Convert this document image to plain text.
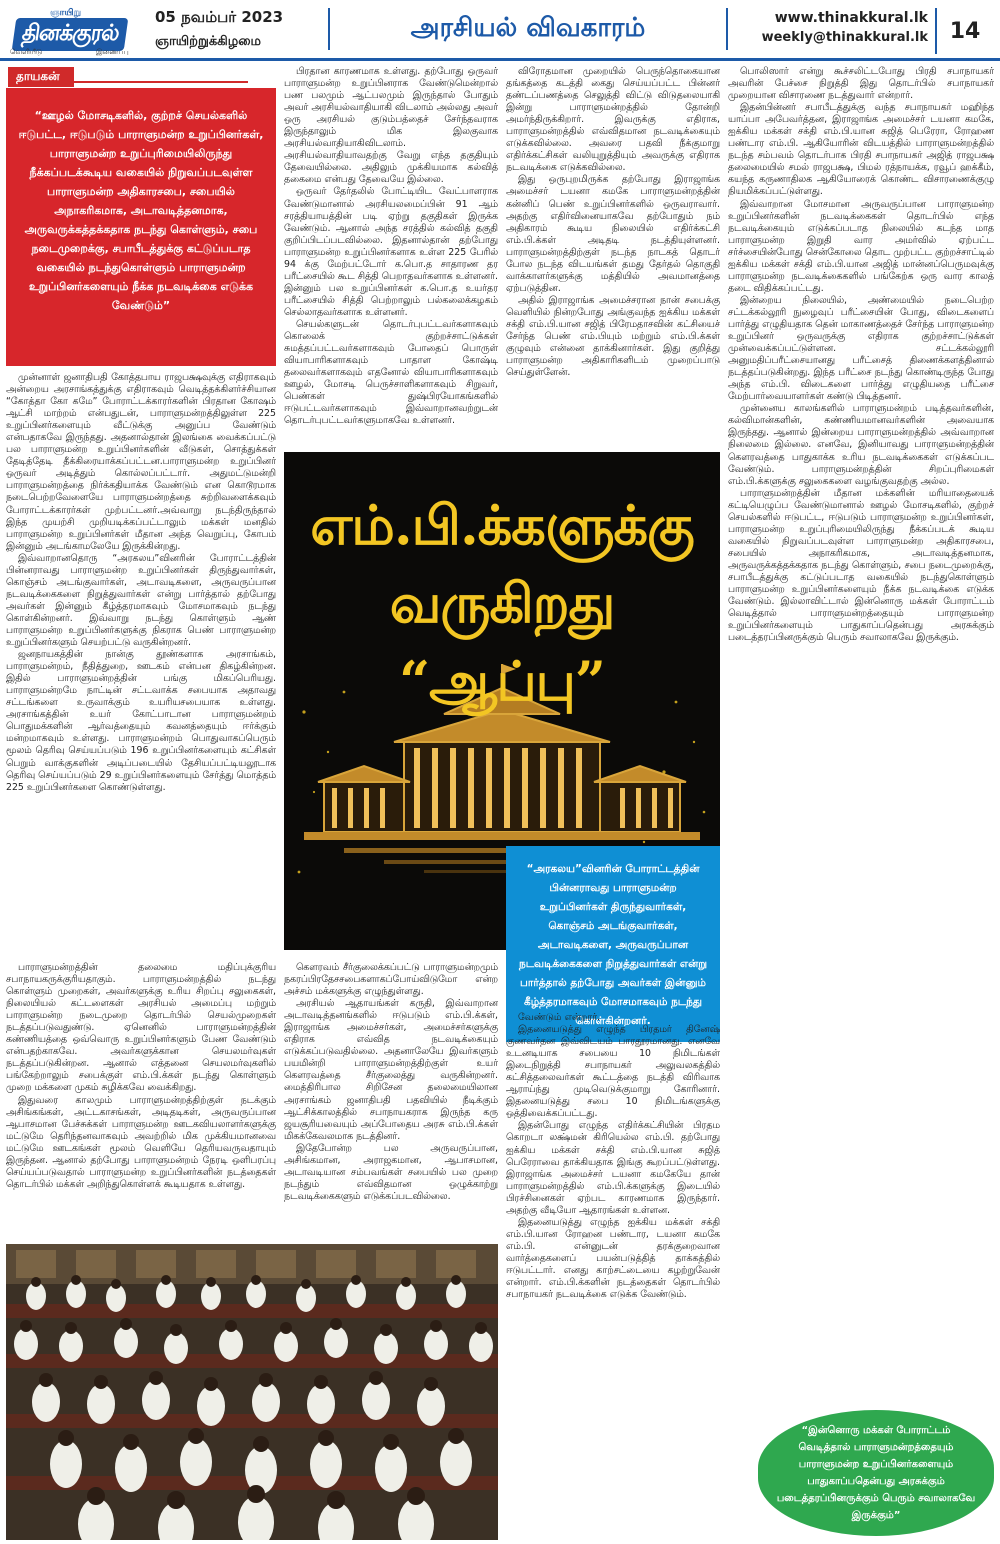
ஞாயிறு
தினக்குரல்
வெளியீடு	இணைப்பு
05 நவம்பர் 2023
ஞாயிற்றுக்கிழமை	அரசியல் விவகாரம்	www.thinakkural.lk
weekly@thinakkural.lk 14
தாயகன்
“ஊழல் மோசடிகளில், குற்றச் செயல்களில் ஈடுபட்ட, ஈடுபடும் பாராளுமன்ற உறுப்பினர்கள், பாராளுமன்ற உறுப்புரிமையிலிருந்து நீக்கப்படக்கூடிய வகையில் நிறுவப்படவுள்ள பாராளுமன்ற அதிகாரசபை, சபையில் அநாகரிகமாக, அடாவடித்தனமாக, அருவருக்கத்தக்கதாக நடந்து கொள்ளும், சபை நடைமுறைக்கு, சபாபீடத்துக்கு கட்டுப்படாத வகையில் நடந்துகொள்ளும் பாராளுமன்ற உறுப்பினர்களையும் நீக்க நடவடிக்கை எடுக்க வேண்டும்”

முன்னாள் ஜனாதிபதி கோத்தபாய ராஜபக்ஷவுக்கு எதிராகவும் அன்றைய அரசாங்கத்துக்கு எதிராகவும் வெடித்தக்கிளர்ச்சியான “கோத்தா கோ கமே” போராட்டக்காரர்களின் பிரதான கோஷம் ஆட்சி மாற்றம் என்பதுடன், பாராளுமன்றத்திலுள்ள 225 உறுப்பினர்களையும் வீட்டுக்கு அனுப்ப வேண்டும் என்பதாகவே இருந்தது. அதனால்தான் இலங்கை வைக்கப்பட்டு பல பாராளுமன்ற உறுப்பினர்களின் வீடுகள், சொத்துக்கள் தேடித்தேடி தீக்கிரையாக்கப்பட்டன.பாராளுமன்ற உறுப்பினர் ஒருவர் அடித்தும் கொல்லப்பட்டார். அதுமட்டுமன்றி பாராளுமன்றத்தை நிர்க்கதியாக்க வேண்டும் என கொடூரமாக நடைபெற்றவேளையே பாராளுமன்றத்தை சுற்றிவளைக்கவும் போராட்டக்காரர்கள் முற்பட்டனர்.அவ்வாறு நடந்திருந்தால் இந்த முயற்சி முறியடிக்கப்பட்டாலும் மக்கள் மனதில் பாராளுமன்ற உறுப்பினர்கள் மீதான அந்த வெறுப்பு, கோபம் இன்னும் அடங்காமலேயே இருக்கின்றது.

இவ்வாறானதொரு “அரகலய”வினரின் போராட்டத்தின் பின்னராவது பாராளுமன்ற உறுப்பினர்கள் திருந்துவார்கள், கொஞ்சம் அடங்குவார்கள், அடாவடிகளை, அருவருப்பான நடவடிக்கைகளை நிறுத்துவார்கள் என்று பார்த்தால் தற்போது அவர்கள் இன்னும் கீழ்த்தரமாகவும் மோசமாகவும் நடந்து கொள்கின்றனர். இவ்வாறு நடந்து கொள்ளும் ஆண் பாராளுமன்ற உறுப்பினர்களுக்கு நிகராக பெண் பாராளுமன்ற உறுப்பினர்களும் செயற்பட்டு வருகின்றனர்.

ஜனநாயகத்தின் நான்கு தூண்களாக அரசாங்கம், பாராளுமன்றம், நீதித்துறை, ஊடகம் என்பன திகழ்கின்றன. இதில் பாராளுமன்றத்தின் பங்கு மிகப்பெரியது. பாராளுமன்றமே நாட்டின் சட்டவாக்க சபையாக அதாவது சட்டங்களை உருவாக்கும் உயரியசபையாக உள்ளது. அரசாங்கத்தின் உயர் கோட்பாடான பாராளுமன்றம் பொதுமக்களின் ஆர்வத்தையும் கவனத்தையும் ஈர்க்கும் மன்றமாகவும் உள்ளது. பாராளுமன்றம் பொதுவாகப்பெரும் மூலம் தெரிவு செய்யப்படும் 196 உறுப்பினர்களையும் கட்சிகள் பெறும் வாக்குகளின் அடிப்படையில் தேசியப்பட்டியலூடாக தெரிவு செய்யப்படும் 29 உறுப்பினர்களையும் சேர்த்து மொத்தம் 225 உறுப்பினர்களை கொண்டுள்ளது.

பாராளுமன்றத்தின் தலைமை மதிப்புக்குரிய சபாநாயகருக்குரியதாகும். பாராளுமன்றத்தில் நடந்து கொள்ளும் முறைகள், அவர்களுக்கு உரிய சிறப்பு சலுகைகள், நிலையியல் கட்டளைகள் அரசியல் அமைப்பு மற்றும் பாராளுமன்ற நடைமுறை தொடர்பில் செயல்முறைகள் நடத்தப்படுவதுண்டு. ஏனெனில் பாராளுமன்றத்தின் கண்ணியத்தை ஒவ்வொரு உறுப்பினர்களும் பேண வேண்டும் என்பதற்காகவே. அவர்களுக்கான செயலமர்வுகள் நடத்தப்படுகின்றன. ஆனால் எத்தனை செயலமர்வுகளில் பங்கேற்றாலும் சபைக்குள் எம்.பி.க்கள் நடந்து கொள்ளும் முறை மக்களை முகம் சுழிக்கவே வைக்கிறது.

இதுவரை காலமும் பாராளுமன்றத்திற்குள் நடக்கும் அசிங்கங்கள், அட்டகாசங்கள், அடிதடிகள், அருவருப்பான ஆபாசமான பேச்சுக்கள் பாராளுமன்ற ஊடகவியலாளர்களுக்கு மட்டுமே தெரிந்தனவாகவும் அவற்றில் மிக முக்கியமானவை மட்டுமே ஊடகங்கள் மூலம் வெளியே தெரியவருவதாயும் இருந்தன. ஆனால் தற்போது பாராளுமன்றம் நேரடி ஒளிபரப்பு செய்யப்படுவதால் பாராளுமன்ற உறுப்பினர்களின் நடத்தைகள் தொடர்பில் மக்கள் அறிந்துகொள்ளக் கூடியதாக உள்ளது.

பிரதான காரணமாக உள்ளது. தற்போது ஒருவர் பாராளுமன்ற உறுப்பினராக வேண்டுமென்றால் பண பலமும் ஆட்பலமும் இருந்தால் போதும் அவர் அரசியல்வாதியாகி விடலாம் அல்லது அவர் ஒரு அரசியல் குடும்பத்தைச் சேர்ந்தவராக இருந்தாலும் மிக இலகுவாக அரசியல்வாதியாகிவிடலாம். அரசியல்வாதியாவதற்கு வேறு எந்த தகுதியும் தேவையில்லை. அதிலும் முக்கியமாக கல்வித் தகைமை என்பது தேவையே இல்லை.

ஒருவர் தேர்தலில் போட்டியிட வேட்பாளராக வேண்டுமானால் அரசியலமைப்பின் 91 ஆம் சரத்தியாயத்தின் படி ஏற்று தகுதிகள் இருக்க வேண்டும். ஆனால் அந்த சரத்தில் கல்வித் தகுதி குறிப்பிடப்படவில்லை. இதனால்தான் தற்போது பாராளுமன்ற உறுப்பினர்களாக உள்ள 225 பேரில் 94 க்கு மேற்பட்டோர் க.பொ.த சாதாரண தர பரீட்சையில் கூட சித்தி பெறாதவர்களாக உள்ளனர். இன்னும் பல உறுப்பினர்கள் க.பொ.த உயர்தர பரீட்சையில் சித்தி பெற்றாலும் பல்கலைக்கழகம் செல்லாதவர்களாக உள்ளனர்.

செயல்களுடன் தொடர்புபட்டவர்களாகவும் கொலைக் குற்றச்சாட்டுக்கள் சுமத்தப்பட்டவர்களாகவும் போதைப் பொருள் வியாபாரிகளாகவும் பாதாள கோஷ்டி தலைவர்களாகவும் எதனோல் வியாபாரிகளாகவும் ஊழல், மோசடி பெருச்சாளிகளாகவும் சிறுவர், பெண்கள் துஷ்பிரயோகங்களில் ஈடுபட்டவர்களாகவும் இவ்வாறானவற்றுடன் தொடர்புபட்டவர்களுமாகவே உள்ளனர்.

விரோதமான முறையில் பெருந்தொகையான தங்கத்தை கடத்தி கைது செய்யப்பட்ட பின்னர் தண்டப்பணத்தை செலுத்தி விட்டு விடுதலையாகி இன்று பாராளுமன்றத்தில் தோன்றி அமர்ந்திருக்கிறார். இவருக்கு எதிராக, பாராளுமன்றத்தில் எவ்விதமான நடவடிக்கையும் எடுக்கவில்லை. அவரை பதவி நீக்குமாறு எதிர்க்கட்சிகள் வலியுறுத்தியும் அவருக்கு எதிராக நடவடிக்கை எடுக்கவில்லை.

இது ஒருபுறமிருக்க தற்போது இராஜாங்க அமைச்சர் டயனா கமகே பாராளுமன்றத்தின் கன்னிப் பெண் உறுப்பினர்களில் ஒருவராவார். அதற்கு எதிர்வினையாகவே தற்போதும் நம் அதிகாரம் கூடிய நிலையில் எதிர்க்கட்சி எம்.பி.க்கள் அடிதடி நடத்தியுள்ளனர். பாராளுமன்றத்திற்குள் நடந்த நாடகத் தொடர் போல நடந்த விடயங்கள் தமது தேர்தல் தொகுதி வாக்காளர்களுக்கு மத்தியில் அவமானத்தை ஏற்படுத்தின.

அதில் இராஜாங்க அமைச்சரான நான் சபைக்கு வெளியில் நின்றபோது அங்குவந்த ஐக்கிய மக்கள் சக்தி எம்.பி.யான சஜித் பிரேமதாசவின் கட்சியைச் சேர்ந்த பெண் எம்.பியும் மற்றும் எம்.பி.க்கள் குழுவும் என்னை தாக்கினார்கள். இது குறித்து பாராளுமன்ற அதிகாரிகளிடம் முறைப்பாடு செய்துள்ளேன்.

எம்.பி.க்களுக்கு
வருகிறது “ஆப்பு”
“அரகலய”வினரின் போராட்டத்தின் பின்னராவது பாராளுமன்ற உறுப்பினர்கள் திருந்துவார்கள், கொஞ்சம் அடங்குவார்கள், அடாவடிகளை, அருவருப்பான நடவடிக்கைகளை நிறுத்துவார்கள் என்று பார்த்தால் தற்போது அவர்கள் இன்னும் கீழ்த்தரமாகவும் மோசமாகவும் நடந்து கொள்கின்றனர்.

கௌரவம் சீர்குலைக்கப்பட்டு பாராளுமன்றமும் நகரப்பிரதேசசபைகளாகப்போய்விடுமோ என்ற அச்சம் மக்களுக்கு எழுந்துள்ளது.

அரசியல் ஆதாயங்கள் கருதி, இவ்வாறான அடாவடித்தனங்களில் ஈடுபடும் எம்.பி.க்கள், இராஜாங்க அமைச்சர்கள், அமைச்சர்களுக்கு எதிராக எவ்வித நடவடிக்கையும் எடுக்கப்படுவதில்லை. அதனாலேயே இவர்களும் பயமின்றி பாராளுமன்றத்திற்குள் உயர் கௌரவத்தை சீர்குலைத்து வருகின்றனர். மைத்திரிபால சிறிசேன தலைமையிலான அரசாங்கம் ஜனாதிபதி பதவியில் நீடிக்கும் ஆட்சிக்காலத்தில் சபாநாயகராக இருந்த கரு ஜயசூரியவையும் அப்போதைய அரசு எம்.பி.க்கள் மிகக்கேவலமாக நடத்தினர்.

இதேபோன்ற பல அருவருப்பான, அசிங்கமான, அராஜகமான, ஆபாசமான, அடாவடியான சம்பவங்கள் சபையில் பல முறை நடந்தும் எவ்விதமான ஒழுக்காற்று நடவடிக்கைகளும் எடுக்கப்படவில்லை.

வேண்டும் என்றார்.

இதனையடுத்து எழுந்த பிரதமர் தினேஷ் குணவர்தன இவ்விடயம் பாரதூரமானது. எனவே உடனடியாக சபையை 10 நிமிடங்கள் இடைநிறுத்தி சபாநாயகர் அலுவலகத்தில் கட்சித்தலைவர்கள் கூட்டத்தை நடத்தி விரிவாக ஆராய்ந்து முடிவெடுக்குமாறு கோரினார். இதனையடுத்து சபை 10 நிமிடங்களுக்கு ஒத்திவைக்கப்பட்டது.

இதன்போது எழுந்த எதிர்க்கட்சியின் பிரதம கொறடா லக்ஷ்மன் கிரியெல்ல எம்.பி. தற்போது ஐக்கிய மக்கள் சக்தி எம்.பி.யான சுஜித் பெரேராவை தாக்கியதாக இங்கு கூறப்பட்டுள்ளது. இராஜாங்க அமைச்சர் டயனா கமகேயே தான் பாராளுமன்றத்தில் எம்.பி.க்களுக்கு இடையில் பிரச்சினைகள் ஏற்பட காரணமாக இருந்தார். அதற்கு வீடியோ ஆதாரங்கள் உள்ளன.

இதனையடுத்து எழுந்த ஐக்கிய மக்கள் சக்தி எம்.பி.யான ரோஹன பண்டார, டயனா கமகே எம்.பி. என்னுடன் தரக்குறைவான வார்த்தைகளைப் பயன்படுத்தித் தாக்கத்தில் ஈடுபட்டார். எனது காற்சட்டையை கழற்றுவேன் என்றார். எம்.பி.க்களின் நடத்தைகள் தொடர்பில் சபாநாயகர் நடவடிக்கை எடுக்க வேண்டும்.

பொலிஸார் என்று கூச்சலிட்டபோது பிரதி சபாநாயகர் அவரின் பேச்சை நிறுத்தி இது தொடர்பில் சபாநாயகர் முறையான விசாரணை நடத்துவார் என்றார்.

இதன்பின்னர் சபாபீடத்துக்கு வந்த சபாநாயகர் மஹிந்த யாப்பா அபேவர்த்தன, இராஜாங்க அமைச்சர் டயனா கமகே, ஐக்கிய மக்கள் சக்தி எம்.பி.யான சுஜித் பெரேரா, ரோஹண பண்டார எம்.பி. ஆகியோரின் விடயத்தில் பாராளுமன்றத்தில் நடந்த சம்பவம் தொடர்பாக பிரதி சபாநாயகர் அஜித் ராஜபக்ஷ தலைமையில் சமல் ராஜபக்ஷ, பிமல் ரத்நாயக்க, ரவூப் ஹக்கீம், கயந்த கருணாதிலக ஆகியோரைக் கொண்ட விசாரணைக்குழு நியமிக்கப்பட்டுள்ளது.

இவ்வாறான மோசமான அருவருப்பான பாராளுமன்ற உறுப்பினர்களின் நடவடிக்கைகள் தொடர்பில் எந்த நடவடிக்கையும் எடுக்கப்படாத நிலையில் கடந்த மாத பாராளுமன்ற இறுதி வார அமர்வில் ஏற்பட்ட சர்ச்சையின்போது சென்கோலை தொட முற்பட்ட குற்றச்சாட்டில் ஐக்கிய மக்கள் சக்தி எம்.பி.யான அஜித் மான்னப்பெருமவுக்கு பாராளுமன்ற நடவடிக்கைகளில் பங்கேற்க ஒரு வார காலத் தடை விதிக்கப்பட்டது.

இன்றைய நிலையில், அண்மையில் நடைபெற்ற சட்டக்கல்லூரி நுழைவுப் பரீட்சையின் போது, விடைகளைப் பார்த்து எழுதியதாக தென் மாகாணத்தைச் சேர்ந்த பாராளுமன்ற உறுப்பினர் ஒருவருக்கு எதிராக குற்றச்சாட்டுக்கள் முன்வைக்கப்பட்டுள்ளன. சட்டக்கல்லூரி அனுமதிப்பரீட்சையானது பரீட்சைத் திணைக்களத்தினால் நடத்தப்படுகின்றது. இந்த பரீட்சை நடந்து கொண்டிருந்த போது அந்த எம்.பி. விடைகளை பார்த்து எழுதியதை பரீட்சை மேற்பார்வையாளர்கள் கண்டு பிடித்தனர்.

முன்னைய காலங்களில் பாராளுமன்றம் படித்தவர்களின், கல்விமான்களின், கண்ணியமானவர்களின் அவையாக இருந்தது. ஆனால் இன்றைய பாராளுமன்றத்தில் அவ்வாறான நிலைமை இல்லை. எனவே, இனியாவது பாராளுமன்றத்தின் கௌரவத்தை பாதுகாக்க உரிய நடவடிக்கைகள் எடுக்கப்பட வேண்டும். பாராளுமன்றத்தின் சிறப்புரிமைகள் எம்.பி.க்களுக்கு சலுகைகளை வழங்குவதற்கு அல்ல.

பாராளுமன்றத்தின் மீதான மக்களின் மரியாதையைக் கட்டியெழுப்ப வேண்டுமானால் ஊழல் மோசடிகளில், குற்றச் செயல்களில் ஈடுபட்ட, ஈடுபடும் பாராளுமன்ற உறுப்பினர்கள், பாராளுமன்ற உறுப்புரிமையிலிருந்து நீக்கப்படக் கூடிய வகையில் நிறுவப்படவுள்ள பாராளுமன்ற அதிகாரசபை, சபையில் அநாகரிகமாக, அடாவடித்தனமாக, அருவருக்கத்தக்கதாக நடந்து கொள்ளும், சபை நடைமுறைக்கு, சபாபீடத்துக்கு கட்டுப்படாத வகையில் நடந்துகொள்ளும் பாராளுமன்ற உறுப்பினர்களையும் நீக்க நடவடிக்கை எடுக்க வேண்டும். இல்லாவிட்டால் இன்னொரு மக்கள் போராட்டம் வெடித்தால் பாராளுமன்றத்தையும் பாராளுமன்ற உறுப்பினர்களையும் பாதுகாப்பதென்பது அரசுக்கும் படைத்தரப்பினருக்கும் பெரும் சவாலாகவே இருக்கும்.

“இன்னொரு மக்கள் போராட்டம் வெடித்தால் பாராளுமன்றத்தையும் பாராளுமன்ற உறுப்பினர்களையும் பாதுகாப்பதென்பது அரசுக்கும் படைத்தரப்பினருக்கும் பெரும் சவாலாகவே இருக்கும்”
